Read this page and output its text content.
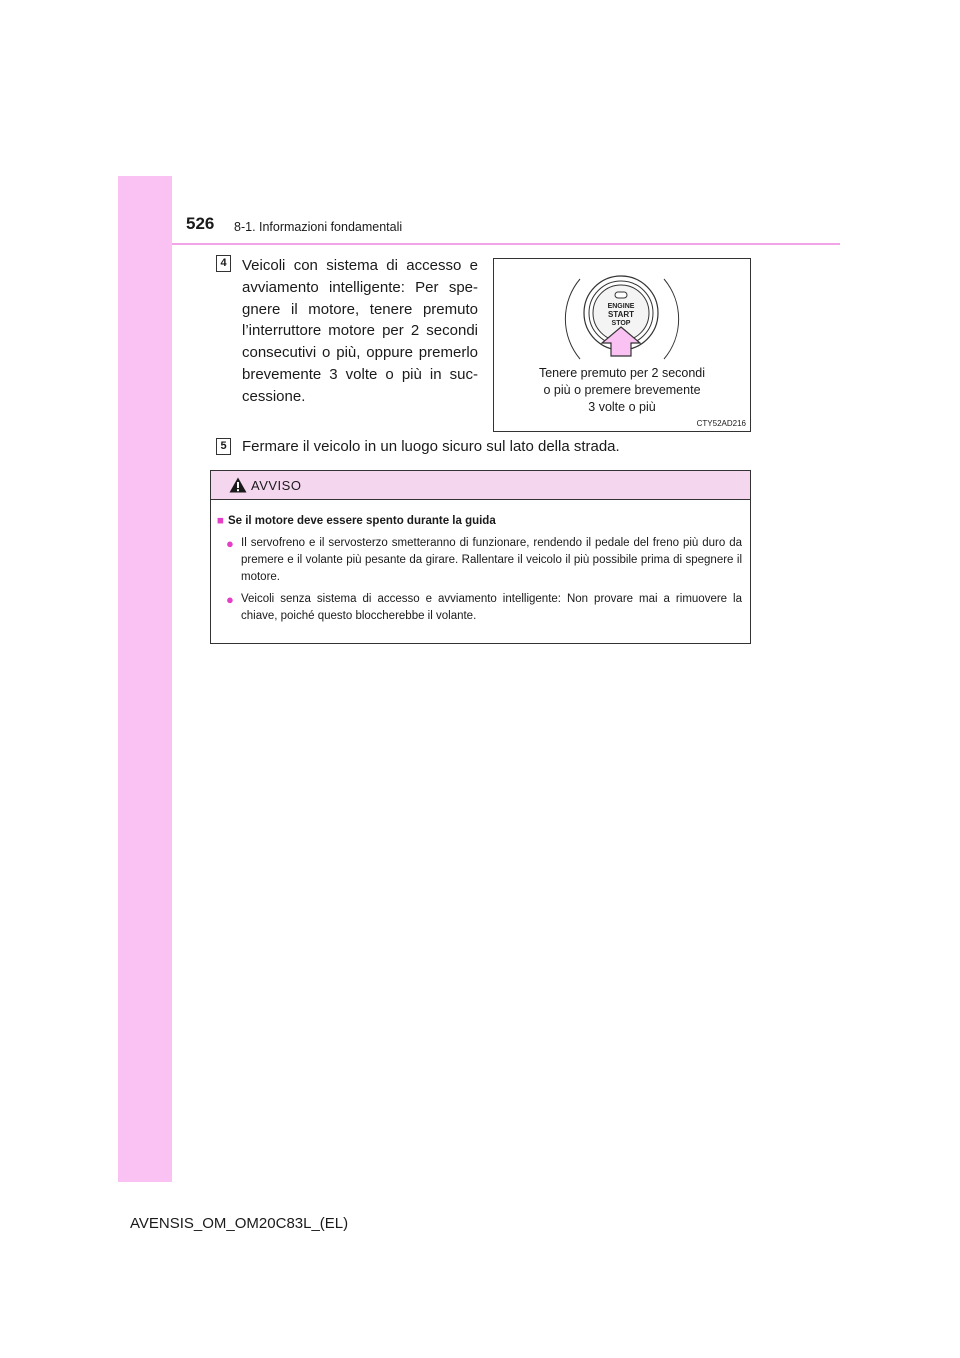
526 8-1. Informazioni fondamentali
4 Veicoli con sistema di accesso e avviamento intelligente: Per spe-gnere il motore, tenere premuto l’interruttore motore per 2 secondi consecutivi o più, oppure premerlo brevemente 3 volte o più in suc-cessione.

ENGINE
START
STOP

Tenere premuto per 2 secondi
o più o premere brevemente
3 volte o più

CTY52AD216
5 Fermare il veicolo in un luogo sicuro sul lato della strada.

AVVISO
■ Se il motore deve essere spento durante la guida
● Il servofreno e il servosterzo smetteranno di funzionare, rendendo il pedale del freno più duro da premere e il volante più pesante da girare. Rallentare il veicolo il più possibile prima di spegnere il motore.
● Veicoli senza sistema di accesso e avviamento intelligente: Non provare mai a rimuovere la chiave, poiché questo bloccherebbe il volante.
AVENSIS_OM_OM20C83L_(EL)
